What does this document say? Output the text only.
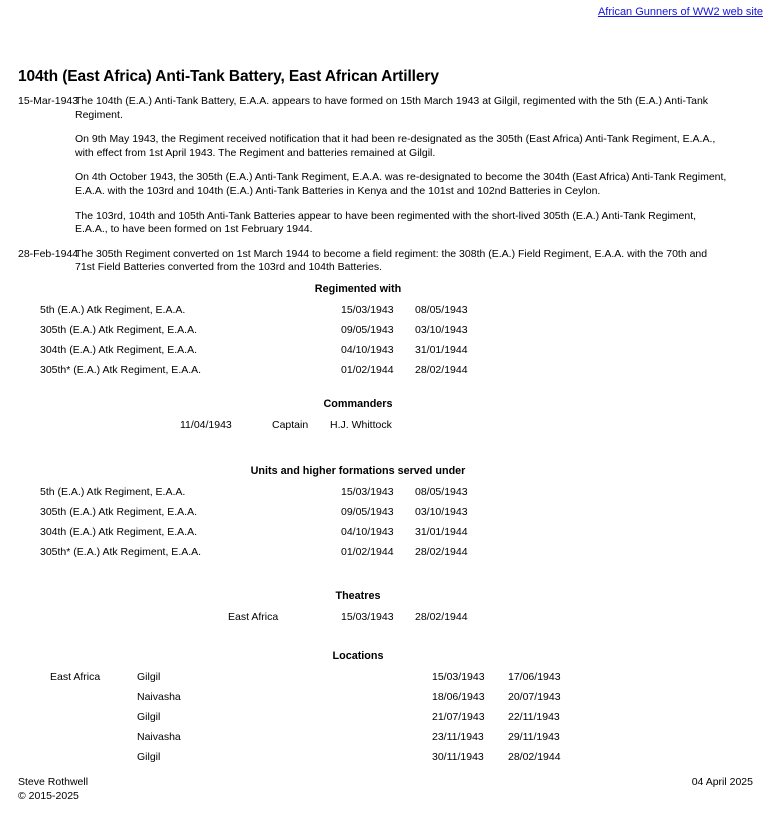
African Gunners of WW2 web site
104th (East Africa) Anti-Tank Battery, East African Artillery
15-Mar-1943

The 104th (E.A.) Anti-Tank Battery, E.A.A. appears to have formed on 15th March 1943 at Gilgil, regimented with the 5th (E.A.) Anti-Tank Regiment.

On 9th May 1943, the Regiment received notification that it had been re-designated as the 305th (East Africa) Anti-Tank Regiment, E.A.A., with effect from 1st April 1943. The Regiment and batteries remained at Gilgil.

On 4th October 1943, the 305th (E.A.) Anti-Tank Regiment, E.A.A. was re-designated to become the 304th (East Africa) Anti-Tank Regiment, E.A.A. with the 103rd and 104th (E.A.) Anti-Tank Batteries in Kenya and the 101st and 102nd Batteries in Ceylon.

The 103rd, 104th and 105th Anti-Tank Batteries appear to have been regimented with the short-lived 305th (E.A.) Anti-Tank Regiment, E.A.A., to have been formed on 1st February 1944.

28-Feb-1944

The 305th Regiment converted on 1st March 1944 to become a field regiment: the 308th (E.A.) Field Regiment, E.A.A. with the 70th and 71st Field Batteries converted from the 103rd and 104th Batteries.

Regimented with
5th (E.A.) Atk Regiment, E.A.A.	15/03/1943 08/05/1943
305th (E.A.) Atk Regiment, E.A.A.	09/05/1943 03/10/1943
304th (E.A.) Atk Regiment, E.A.A.	04/10/1943 31/01/1944
305th* (E.A.) Atk Regiment, E.A.A.	01/02/1944 28/02/1944
Commanders
11/04/1943	Captain H.J. Whittock
Units and higher formations served under
5th (E.A.) Atk Regiment, E.A.A.	15/03/1943 08/05/1943
305th (E.A.) Atk Regiment, E.A.A.	09/05/1943 03/10/1943
304th (E.A.) Atk Regiment, E.A.A.	04/10/1943 31/01/1944
305th* (E.A.) Atk Regiment, E.A.A.	01/02/1944 28/02/1944
Theatres
East Africa	15/03/1943 28/02/1944
Locations
East Africa	Gilgil	15/03/1943 17/06/1943
Naivasha	18/06/1943 20/07/1943
Gilgil	21/07/1943 22/11/1943
Naivasha	23/11/1943 29/11/1943
Gilgil	30/11/1943 28/02/1944
Steve Rothwell	04 April 2025
© 2015-2025
